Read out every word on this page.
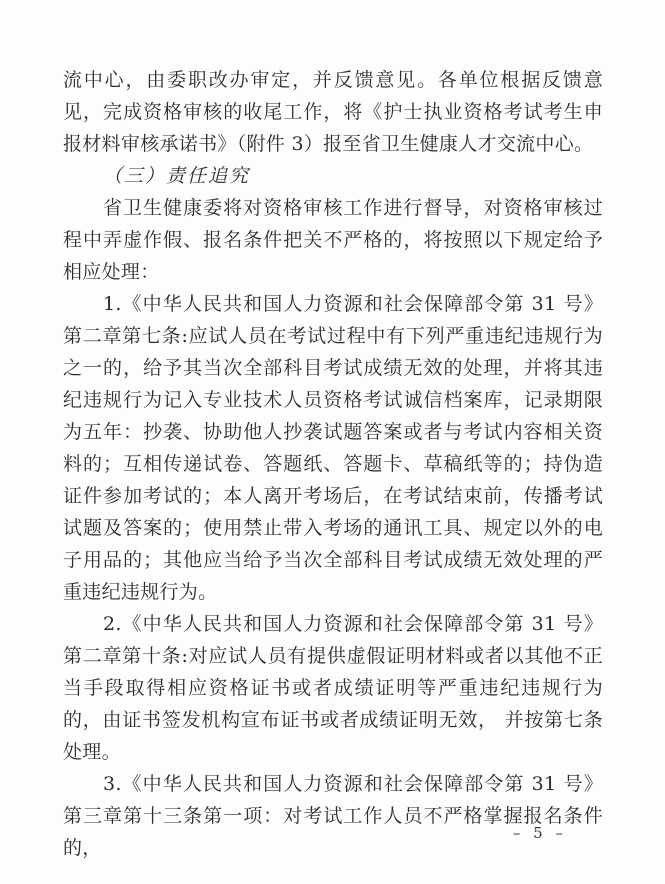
流中心，由委职改办审定，并反馈意见。各单位根据反馈意见，完成资格审核的收尾工作，将《护士执业资格考试考生申报材料审核承诺书》（附件 3）报至省卫生健康人才交流中心。

（三）责任追究

省卫生健康委将对资格审核工作进行督导，对资格审核过程中弄虚作假、报名条件把关不严格的，将按照以下规定给予相应处理：

1.《中华人民共和国人力资源和社会保障部令第 31 号》第二章第七条:应试人员在考试过程中有下列严重违纪违规行为之一的，给予其当次全部科目考试成绩无效的处理，并将其违纪违规行为记入专业技术人员资格考试诚信档案库，记录期限为五年：抄袭、协助他人抄袭试题答案或者与考试内容相关资料的；互相传递试卷、答题纸、答题卡、草稿纸等的；持伪造证件参加考试的；本人离开考场后，在考试结束前，传播考试试题及答案的；使用禁止带入考场的通讯工具、规定以外的电子用品的；其他应当给予当次全部科目考试成绩无效处理的严重违纪违规行为。

2.《中华人民共和国人力资源和社会保障部令第 31 号》第二章第十条:对应试人员有提供虚假证明材料或者以其他不正当手段取得相应资格证书或者成绩证明等严重违纪违规行为的，由证书签发机构宣布证书或者成绩证明无效， 并按第七条处理。

3.《中华人民共和国人力资源和社会保障部令第 31 号》第三章第十三条第一项：对考试工作人员不严格掌握报名条件的，

– 5 –
